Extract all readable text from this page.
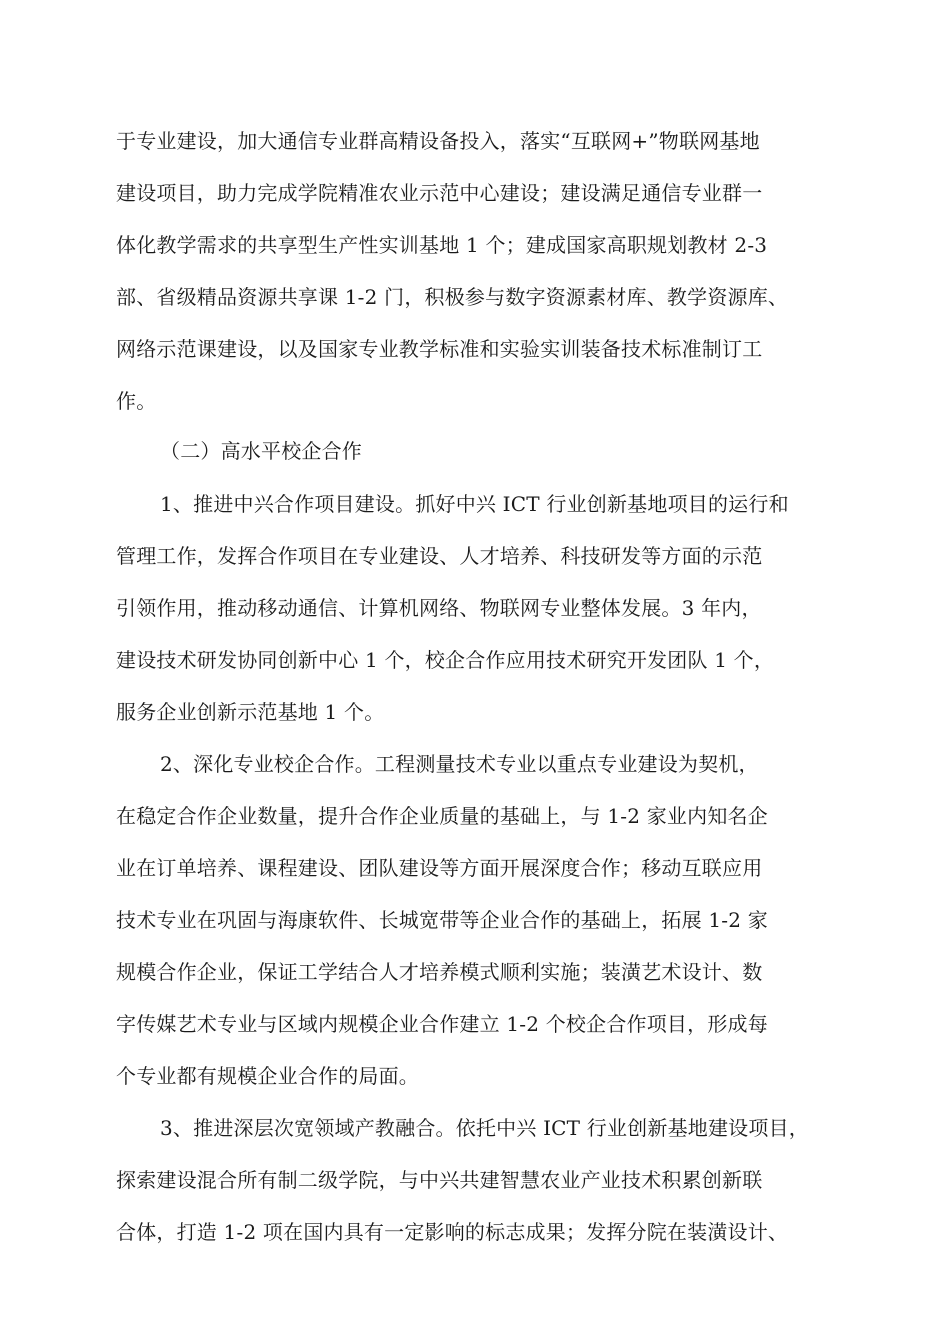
于专业建设，加大通信专业群高精设备投入，落实“互联网+”物联网基地
建设项目，助力完成学院精准农业示范中心建设；建设满足通信专业群一
体化教学需求的共享型生产性实训基地 1 个；建成国家高职规划教材 2-3
部、省级精品资源共享课 1-2 门，积极参与数字资源素材库、教学资源库、
网络示范课建设，以及国家专业教学标准和实验实训装备技术标准制订工
作。
（二）高水平校企合作
1、推进中兴合作项目建设。抓好中兴 ICT 行业创新基地项目的运行和
管理工作，发挥合作项目在专业建设、人才培养、科技研发等方面的示范
引领作用，推动移动通信、计算机网络、物联网专业整体发展。3 年内，
建设技术研发协同创新中心 1 个，校企合作应用技术研究开发团队 1 个，
服务企业创新示范基地 1 个。
2、深化专业校企合作。工程测量技术专业以重点专业建设为契机，
在稳定合作企业数量，提升合作企业质量的基础上，与 1-2 家业内知名企
业在订单培养、课程建设、团队建设等方面开展深度合作；移动互联应用
技术专业在巩固与海康软件、长城宽带等企业合作的基础上，拓展 1-2 家
规模合作企业，保证工学结合人才培养模式顺利实施；装潢艺术设计、数
字传媒艺术专业与区域内规模企业合作建立 1-2 个校企合作项目，形成每
个专业都有规模企业合作的局面。
3、推进深层次宽领域产教融合。依托中兴 ICT 行业创新基地建设项目，
探索建设混合所有制二级学院，与中兴共建智慧农业产业技术积累创新联
合体，打造 1-2 项在国内具有一定影响的标志成果；发挥分院在装潢设计、
